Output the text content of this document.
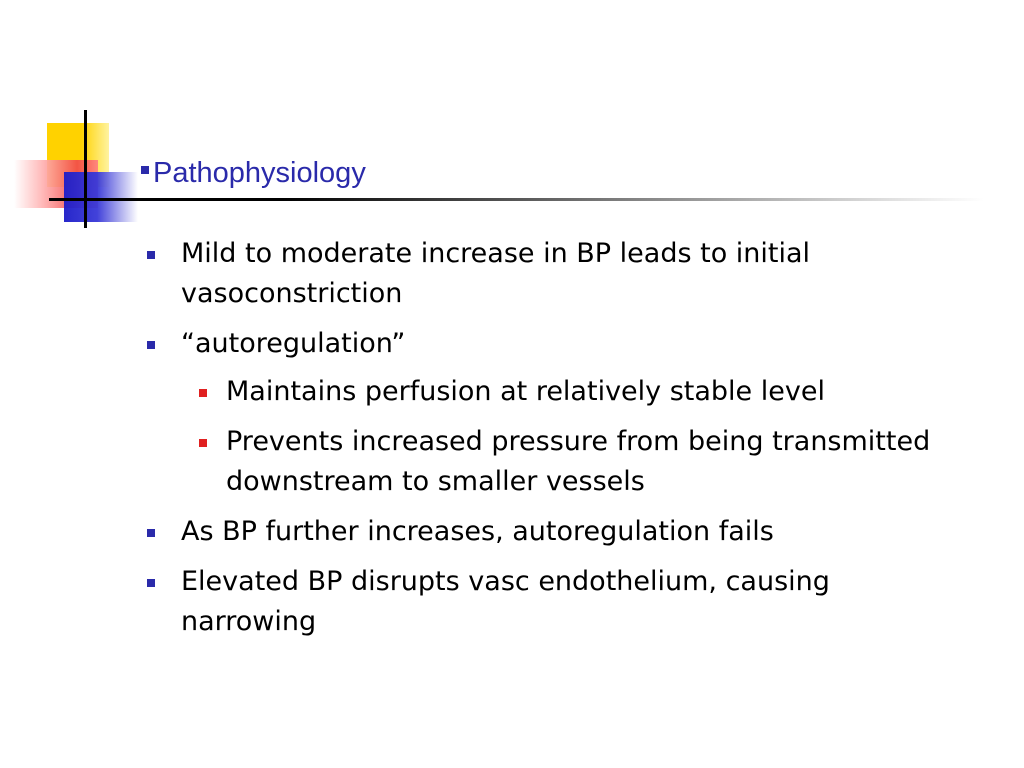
Pathophysiology
Mild to moderate increase in BP leads to initial vasoconstriction
“autoregulation”
Maintains perfusion at relatively stable level
Prevents increased pressure from being transmitted downstream to smaller vessels
As BP further increases, autoregulation fails
Elevated BP disrupts vasc endothelium, causing narrowing
